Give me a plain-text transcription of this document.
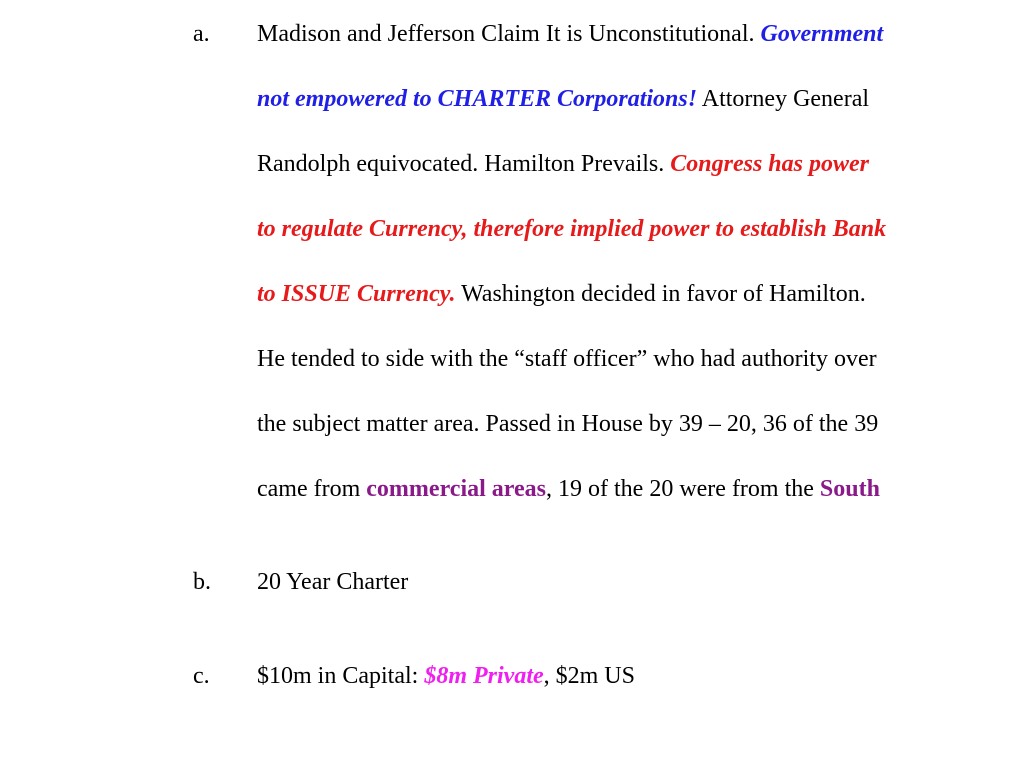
a. Madison and Jefferson Claim It is Unconstitutional. Government
not empowered to CHARTER Corporations! Attorney General
Randolph equivocated. Hamilton Prevails. Congress has power
to regulate Currency, therefore implied power to establish Bank
to ISSUE Currency. Washington decided in favor of Hamilton.
He tended to side with the “staff officer” who had authority over
the subject matter area. Passed in House by 39 – 20, 36 of the 39
came from commercial areas, 19 of the 20 were from the South
b. 20 Year Charter
c. $10m in Capital: $8m Private, $2m US
